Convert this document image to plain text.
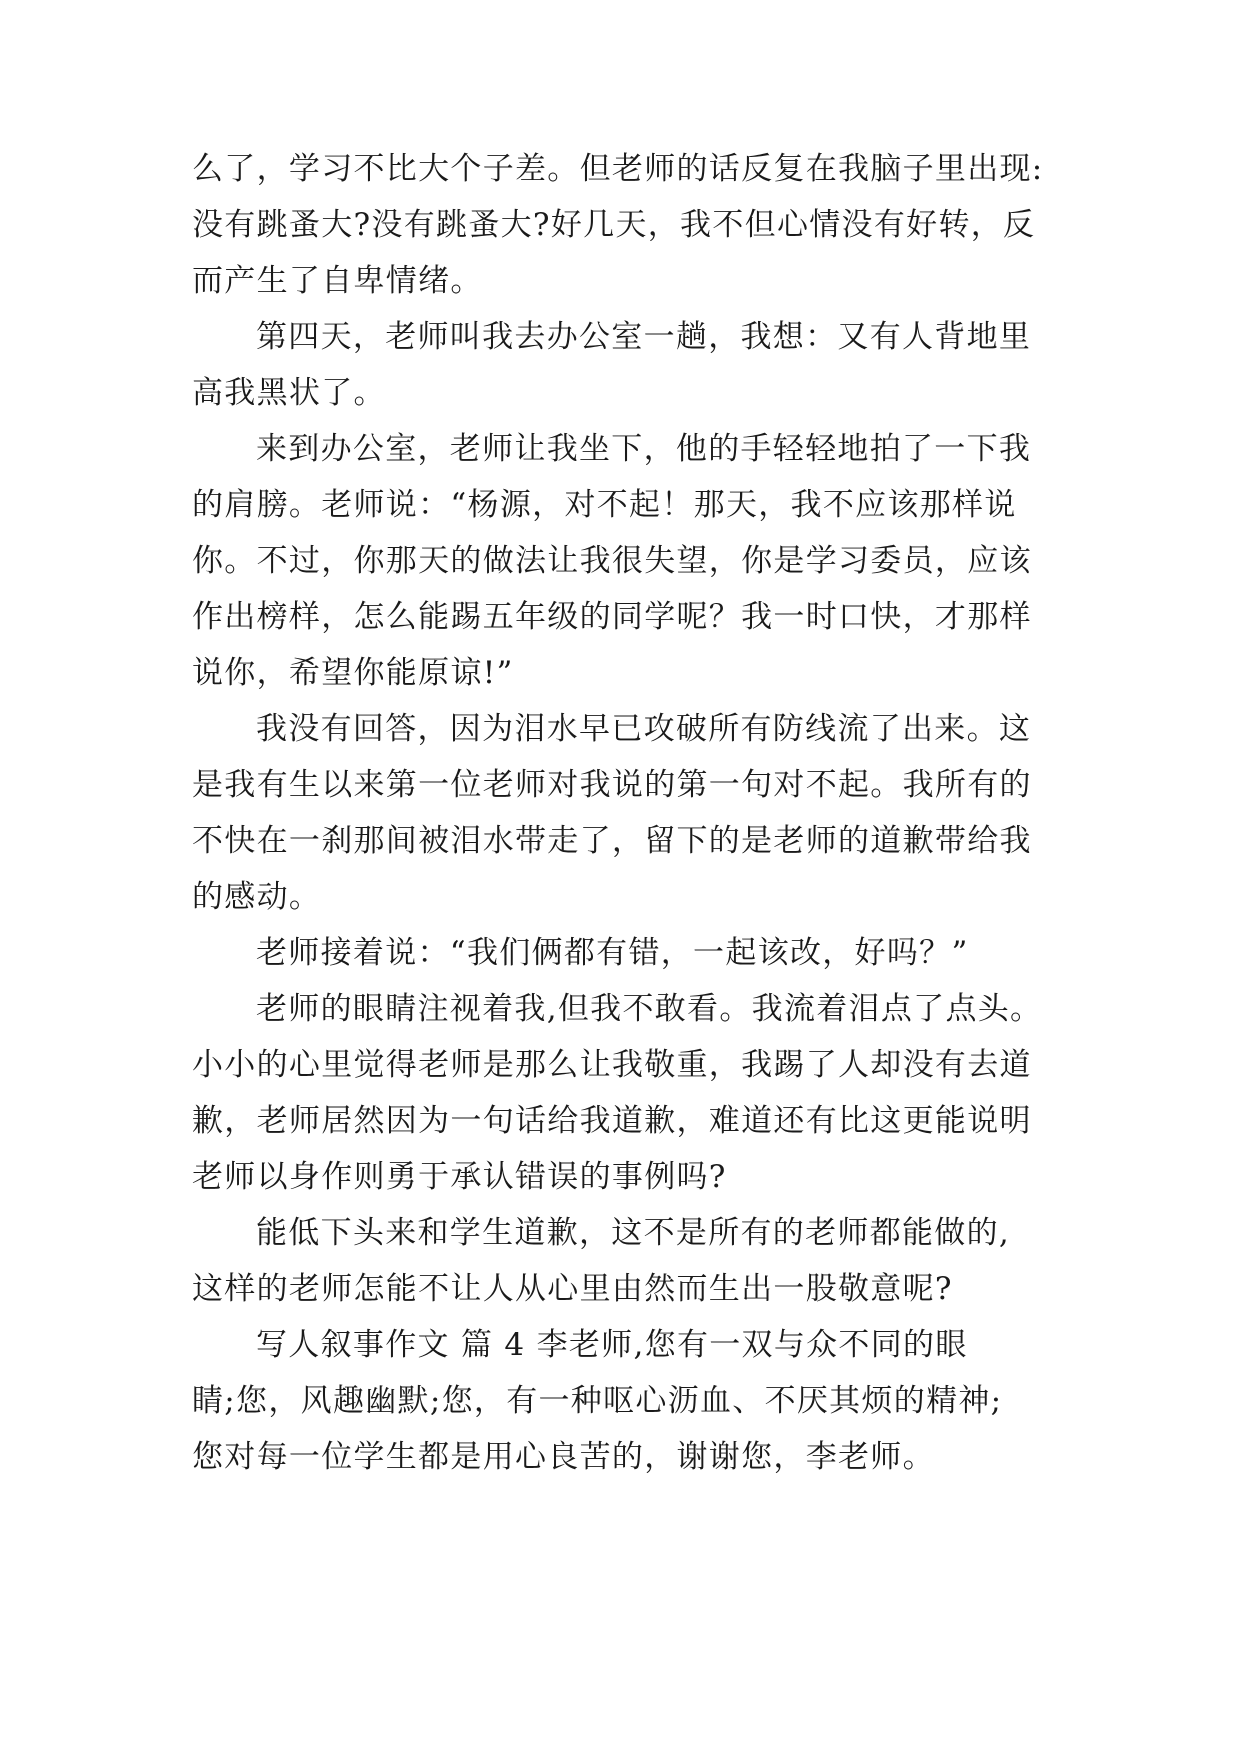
么了，学习不比大个子差。但老师的话反复在我脑子里出现:
没有跳蚤大?没有跳蚤大?好几天，我不但心情没有好转，反
而产生了自卑情绪。
第四天，老师叫我去办公室一趟，我想：又有人背地里
高我黑状了。
来到办公室，老师让我坐下，他的手轻轻地拍了一下我
的肩膀。老师说：“杨源，对不起！那天，我不应该那样说
你。不过，你那天的做法让我很失望，你是学习委员，应该
作出榜样，怎么能踢五年级的同学呢？我一时口快，才那样
说你，希望你能原谅!”
我没有回答，因为泪水早已攻破所有防线流了出来。这
是我有生以来第一位老师对我说的第一句对不起。我所有的
不快在一刹那间被泪水带走了，留下的是老师的道歉带给我
的感动。
老师接着说：“我们俩都有错，一起该改，好吗？”
老师的眼睛注视着我,但我不敢看。我流着泪点了点头。
小小的心里觉得老师是那么让我敬重，我踢了人却没有去道
歉，老师居然因为一句话给我道歉，难道还有比这更能说明
老师以身作则勇于承认错误的事例吗?
能低下头来和学生道歉，这不是所有的老师都能做的,
这样的老师怎能不让人从心里由然而生出一股敬意呢?
写人叙事作文 篇 4 李老师,您有一双与众不同的眼
睛;您，风趣幽默;您，有一种呕心沥血、不厌其烦的精神;
您对每一位学生都是用心良苦的，谢谢您，李老师。
